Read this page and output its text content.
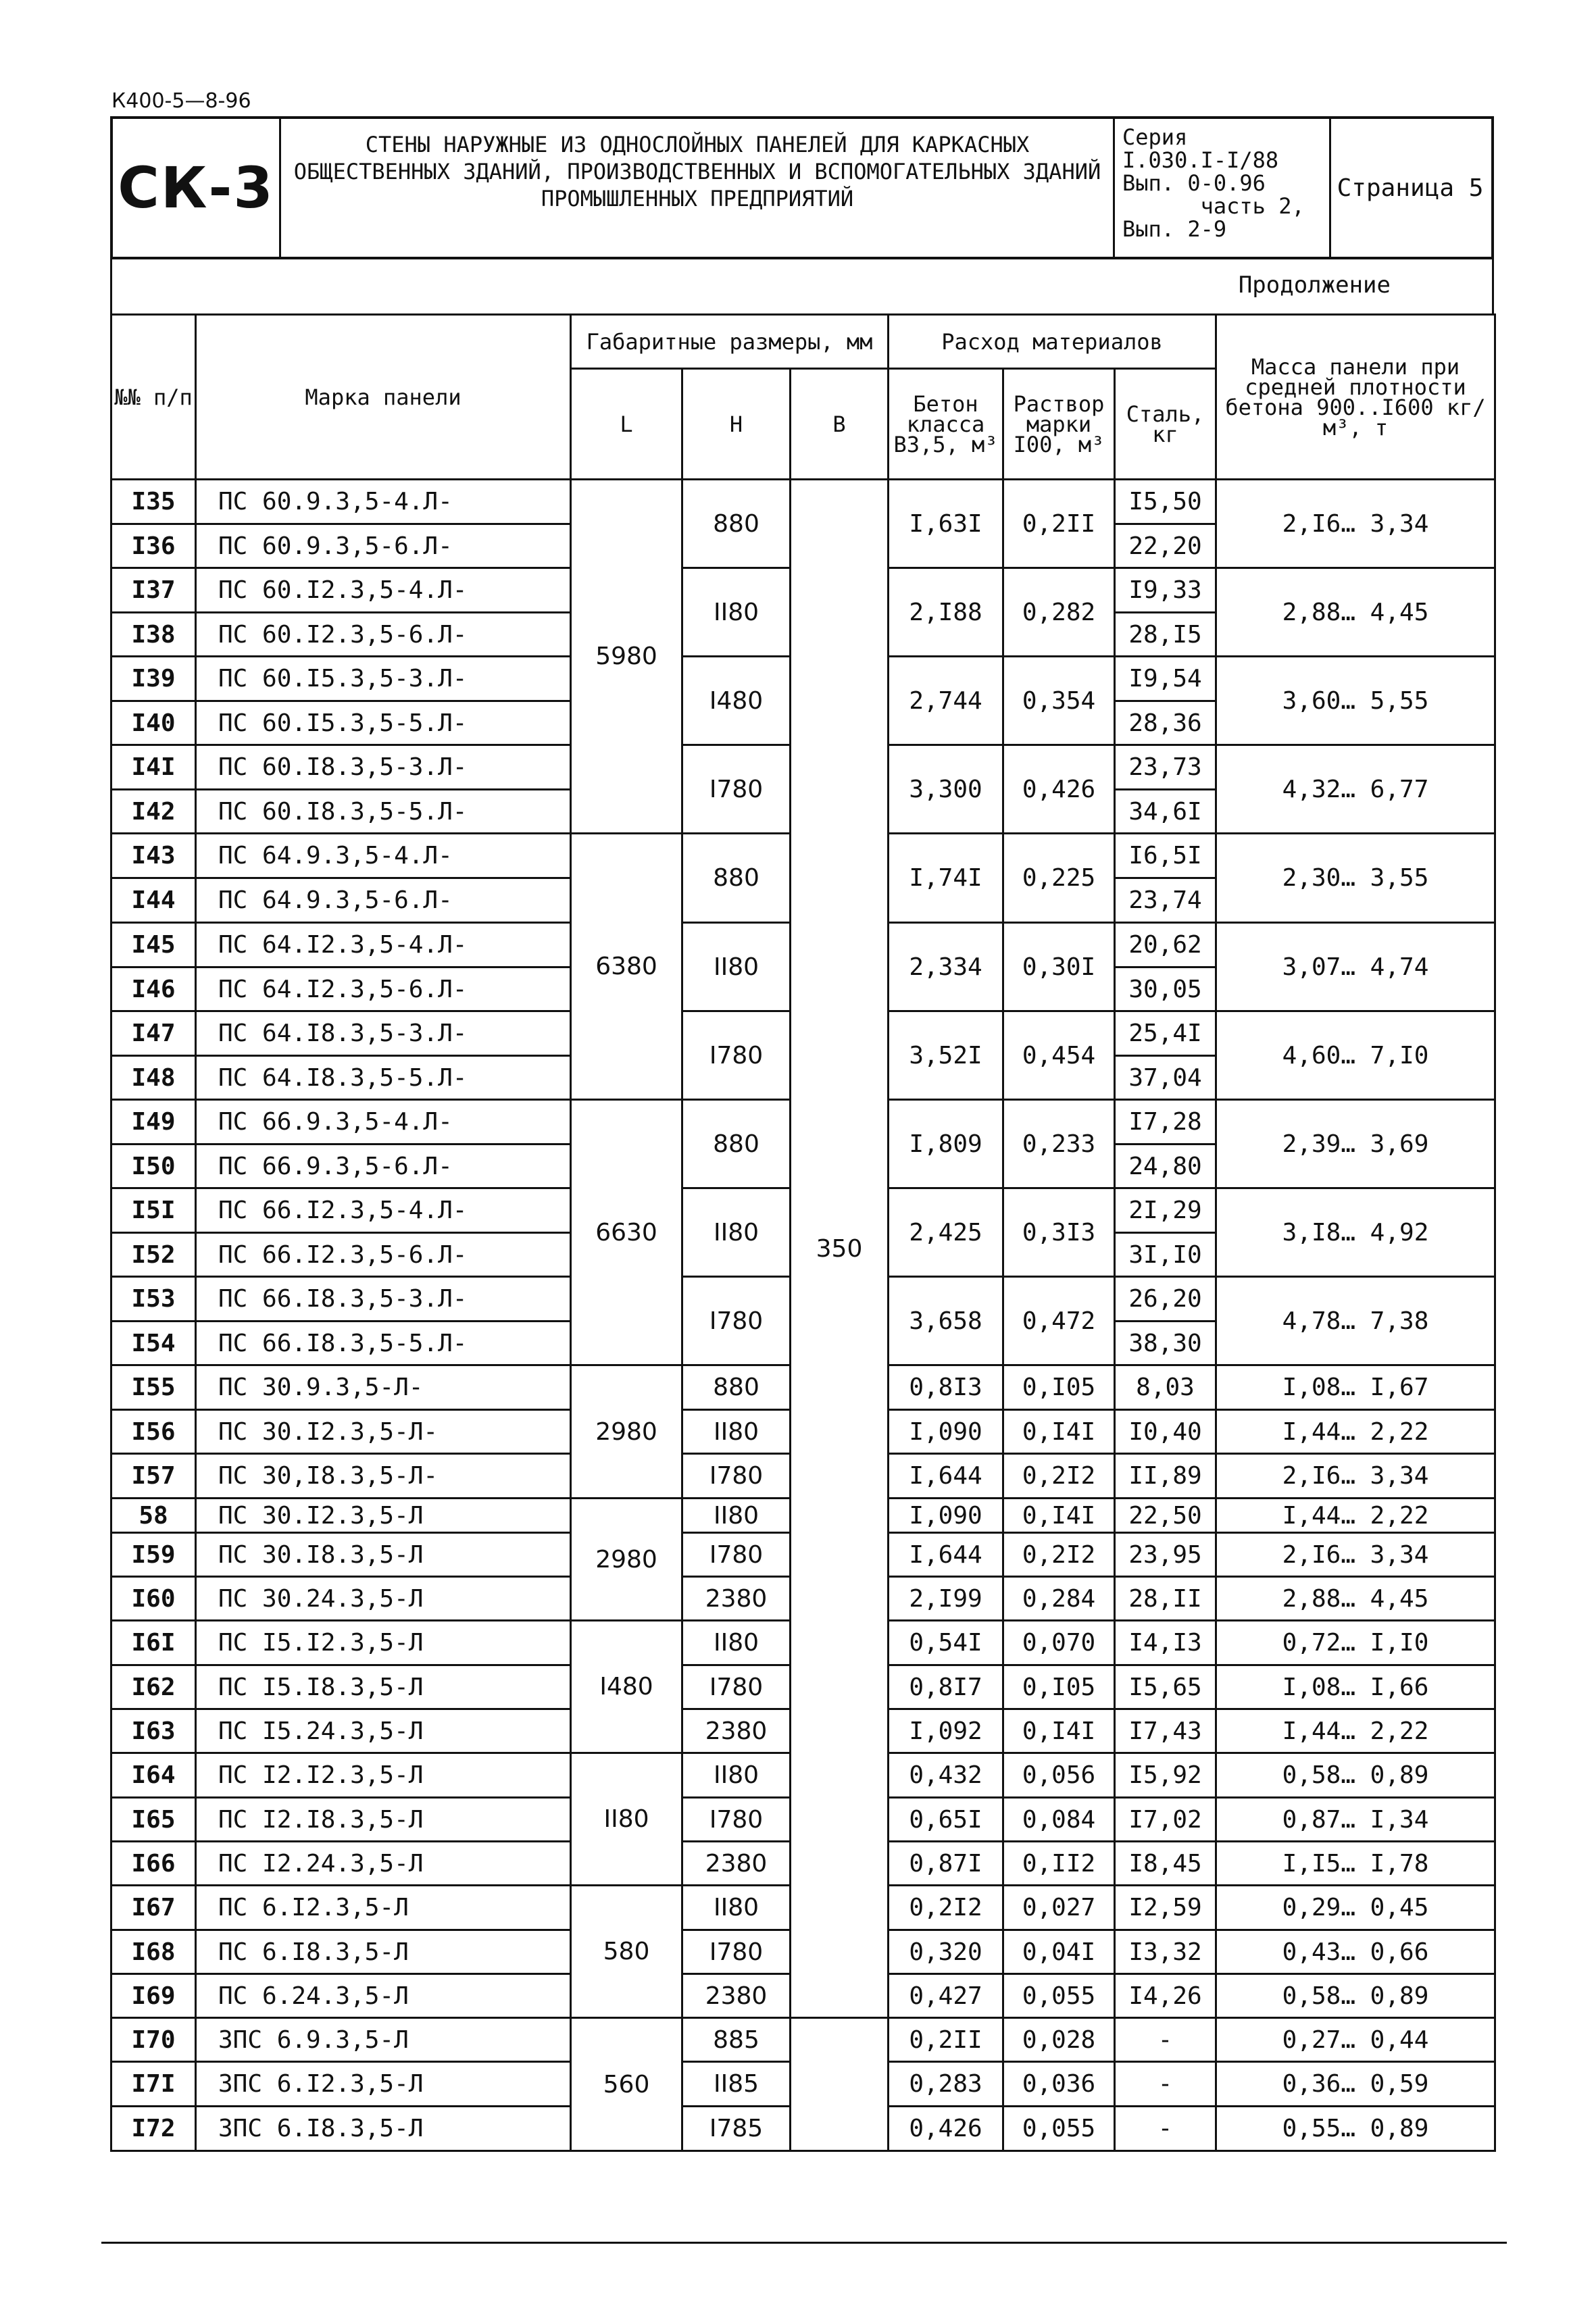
К400-5—8-96
СК-3
СТЕНЫ НАРУЖНЫЕ ИЗ ОДНОСЛОЙНЫХ ПАНЕЛЕЙ ДЛЯ КАРКАСНЫХ ОБЩЕСТВЕННЫХ ЗДАНИЙ, ПРОИЗВОДСТВЕННЫХ И ВСПОМОГАТЕЛЬНЫХ ЗДАНИЙ ПРОМЫШЛЕННЫХ ПРЕДПРИЯТИЙ
Серия
I.030.I-I/88
Вып. 0-0.96
часть 2,
Вып. 2-9
Страница 5
Продолжение
№№ п/п	Марка панели	Габаритные размеры, мм			Расход материалов			Масса панели при средней плотности бетона 900..I600 кг/м³, т
		L	Н	В	Бетон класса В3,5, м³	Раствор марки I00, м³	Сталь, кг	
I35	ПС 60.9.3,5-4.Л-	5980	880	350	I,63I	0,2II	I5,50	2,I6… 3,34
I36	ПС 60.9.3,5-6.Л-						22,20	
I37	ПС 60.I2.3,5-4.Л-		II80		2,I88	0,282	I9,33	2,88… 4,45
I38	ПС 60.I2.3,5-6.Л-						28,I5	
I39	ПС 60.I5.3,5-3.Л-		I480		2,744	0,354	I9,54	3,60… 5,55
I40	ПС 60.I5.3,5-5.Л-						28,36	
I4I	ПС 60.I8.3,5-3.Л-		I780		3,300	0,426	23,73	4,32… 6,77
I42	ПС 60.I8.3,5-5.Л-						34,6I	
I43	ПС 64.9.3,5-4.Л-	6380	880		I,74I	0,225	I6,5I	2,30… 3,55
I44	ПС 64.9.3,5-6.Л-						23,74	
I45	ПС 64.I2.3,5-4.Л-		II80		2,334	0,30I	20,62	3,07… 4,74
I46	ПС 64.I2.3,5-6.Л-						30,05	
I47	ПС 64.I8.3,5-3.Л-		I780		3,52I	0,454	25,4I	4,60… 7,I0
I48	ПС 64.I8.3,5-5.Л-						37,04	
I49	ПС 66.9.3,5-4.Л-	6630	880		I,809	0,233	I7,28	2,39… 3,69
I50	ПС 66.9.3,5-6.Л-						24,80	
I5I	ПС 66.I2.3,5-4.Л-		II80		2,425	0,3I3	2I,29	3,I8… 4,92
I52	ПС 66.I2.3,5-6.Л-						3I,I0	
I53	ПС 66.I8.3,5-3.Л-		I780		3,658	0,472	26,20	4,78… 7,38
I54	ПС 66.I8.3,5-5.Л-						38,30	
I55	ПС 30.9.3,5-Л-	2980	880		0,8I3	0,I05	8,03	I,08… I,67
I56	ПС 30.I2.3,5-Л-		II80		I,090	0,I4I	I0,40	I,44… 2,22
I57	ПС 30,I8.3,5-Л-		I780		I,644	0,2I2	II,89	2,I6… 3,34
58	ПС 30.I2.3,5-Л	2980	II80		I,090	0,I4I	22,50	I,44… 2,22
I59	ПС 30.I8.3,5-Л		I780		I,644	0,2I2	23,95	2,I6… 3,34
I60	ПС 30.24.3,5-Л		2380		2,I99	0,284	28,II	2,88… 4,45
I6I	ПС I5.I2.3,5-Л	I480	II80		0,54I	0,070	I4,I3	0,72… I,I0
I62	ПС I5.I8.3,5-Л		I780		0,8I7	0,I05	I5,65	I,08… I,66
I63	ПС I5.24.3,5-Л		2380		I,092	0,I4I	I7,43	I,44… 2,22
I64	ПС I2.I2.3,5-Л	II80	II80		0,432	0,056	I5,92	0,58… 0,89
I65	ПС I2.I8.3,5-Л		I780		0,65I	0,084	I7,02	0,87… I,34
I66	ПС I2.24.3,5-Л		2380		0,87I	0,II2	I8,45	I,I5… I,78
I67	ПС 6.I2.3,5-Л	580	II80		0,2I2	0,027	I2,59	0,29… 0,45
I68	ПС 6.I8.3,5-Л		I780		0,320	0,04I	I3,32	0,43… 0,66
I69	ПС 6.24.3,5-Л		2380		0,427	0,055	I4,26	0,58… 0,89
I70	ЗПС 6.9.3,5-Л	560	885		0,2II	0,028	-	0,27… 0,44
I7I	ЗПС 6.I2.3,5-Л		II85		0,283	0,036	-	0,36… 0,59
I72	ЗПС 6.I8.3,5-Л		I785		0,426	0,055	-	0,55… 0,89
